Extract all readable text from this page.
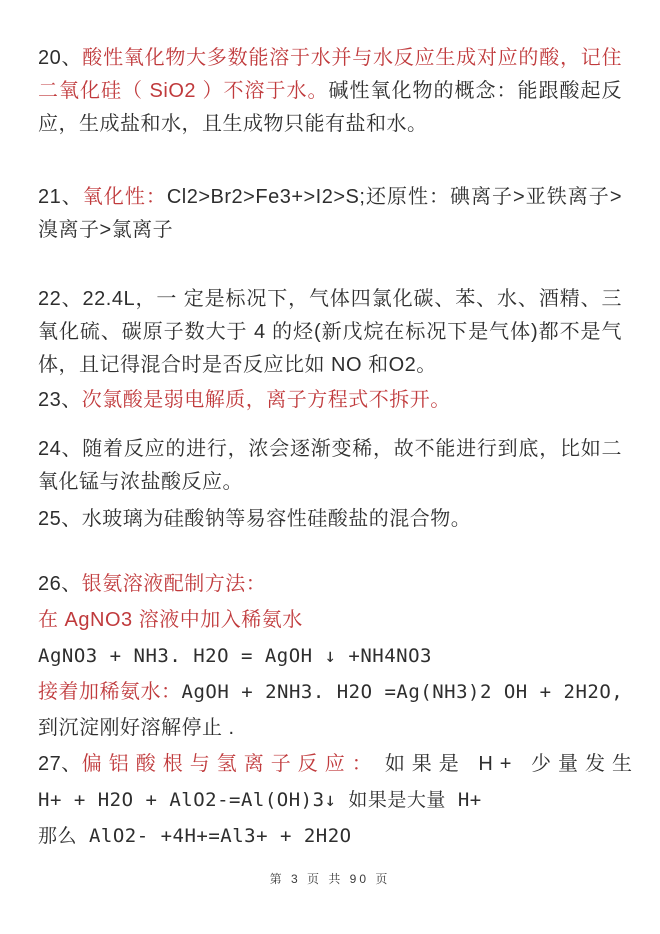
20、酸性氧化物大多数能溶于水并与水反应生成对应的酸，记住二氧化硅（ SiO2 ）不溶于水。碱性氧化物的概念：能跟酸起反应，生成盐和水，且生成物只能有盐和水。

21、氧化性：Cl2>Br2>Fe3+>I2>S;还原性：碘离子>亚铁离子>溴离子>氯离子

22、22.4L，一 定是标况下，气体四氯化碳、苯、水、酒精、三氧化硫、碳原子数大于 4 的烃(新戊烷在标况下是气体)都不是气体，且记得混合时是否反应比如 NO 和O2。

23、次氯酸是弱电解质，离子方程式不拆开。

24、随着反应的进行，浓会逐渐变稀，故不能进行到底，比如二氧化锰与浓盐酸反应。

25、水玻璃为硅酸钠等易容性硅酸盐的混合物。

26、银氨溶液配制方法：

在 AgNO3 溶液中加入稀氨水

AgNO3 + NH3. H2O = AgOH ↓ +NH4NO3

接着加稀氨水：AgOH + 2NH3. H2O =Ag(NH3)2 OH + 2H2O,

到沉淀刚好溶解停止 .

27、偏铝酸根与氢离子反应： 如果是 H+ 少量发生

H+ + H2O + AlO2-=Al(OH)3↓ 如果是大量 H+

那么 AlO2- +4H+=Al3+ + 2H2O

第 3 页 共 90 页
